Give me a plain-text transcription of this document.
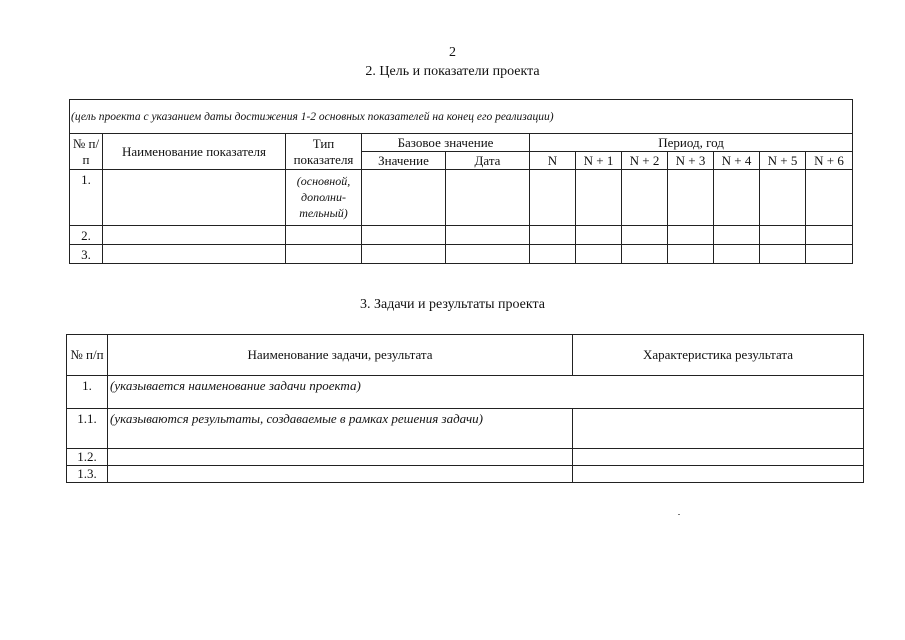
2
2. Цель и показатели проекта
(цель проекта с указанием даты достижения 1-2 основных показателей на конец его реализации)											
№ п/п	Наименование показателя	Тип показателя	Базовое значение		Период, год						
			Значение	Дата	N	N + 1	N + 2	N + 3	N + 4	N + 5	N + 6
1.		(основной, дополни-тельный)									
2.											
3.											
3. Задачи и результаты проекта
№ п/п	Наименование задачи, результата	Характеристика результата
1.	(указывается наименование задачи проекта)	
1.1.	(указываются результаты, создаваемые в рамках решения задачи)	
1.2.		
1.3.		
